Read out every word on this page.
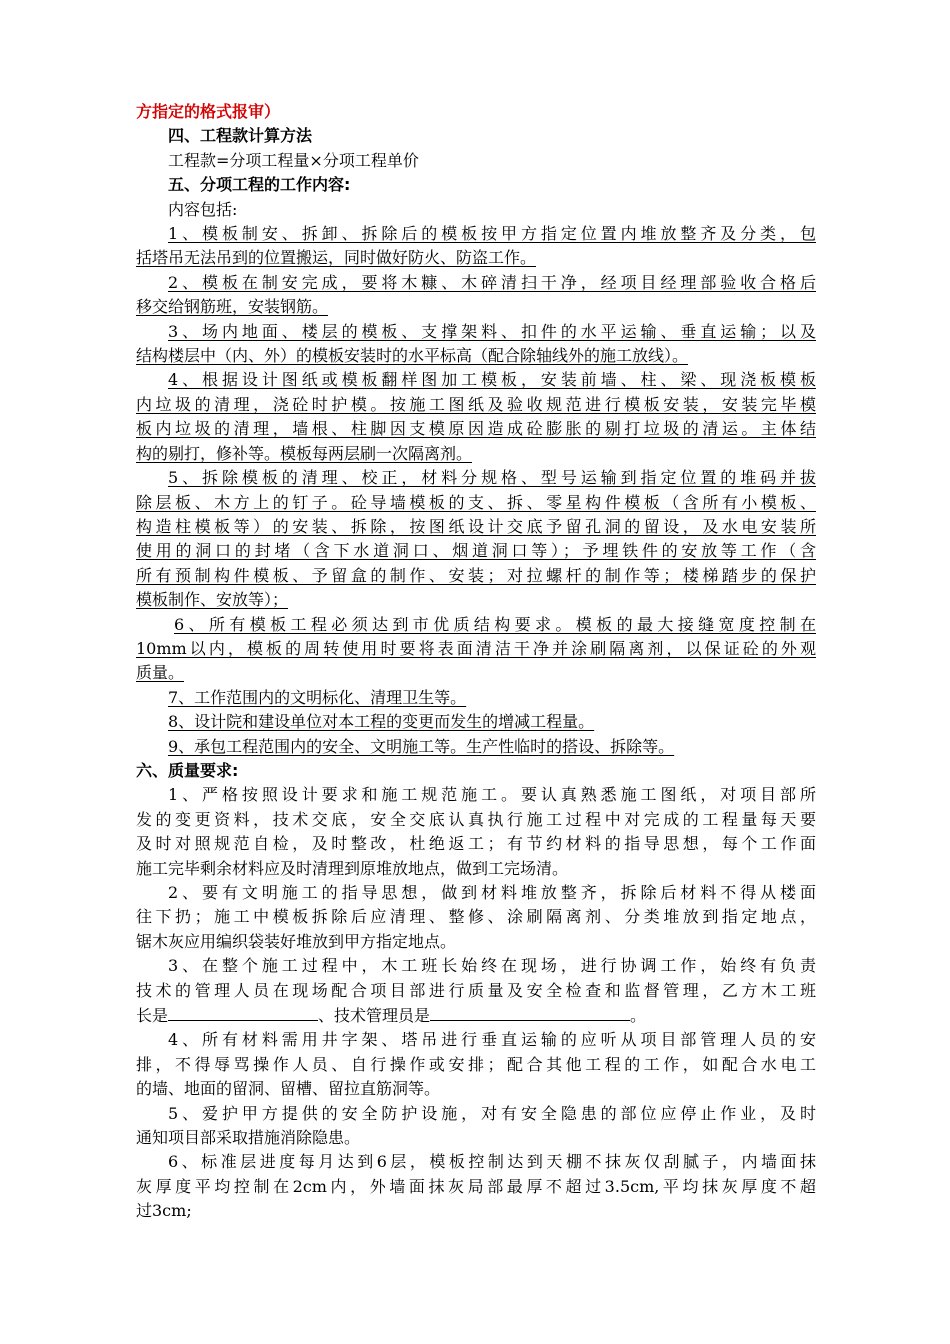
方指定的格式报审）
四、工程款计算方法
工程款=分项工程量×分项工程单价
五、分项工程的工作内容:
内容包括:
1、模板制安、拆卸、拆除后的模板按甲方指定位置内堆放整齐及分类，包
括塔吊无法吊到的位置搬运，同时做好防火、防盗工作。
2、模板在制安完成，要将木糠、木碎清扫干净，经项目经理部验收合格后
移交给钢筋班，安装钢筋。
3、场内地面、楼层的模板、支撑架料、扣件的水平运输、垂直运输；以及
结构楼层中（内、外）的模板安装时的水平标高（配合除轴线外的施工放线）。
4、根据设计图纸或模板翻样图加工模板，安装前墙、柱、梁、现浇板模板
内垃圾的清理，浇砼时护模。按施工图纸及验收规范进行模板安装，安装完毕模
板内垃圾的清理，墙根、柱脚因支模原因造成砼膨胀的剔打垃圾的清运。主体结
构的剔打，修补等。模板每两层刷一次隔离剂。
5、拆除模板的清理、校正，材料分规格、型号运输到指定位置的堆码并拔
除层板、木方上的钉子。砼导墙模板的支、拆、零星构件模板（含所有小模板、
构造柱模板等）的安装、拆除，按图纸设计交底予留孔洞的留设，及水电安装所
使用的洞口的封堵（含下水道洞口、烟道洞口等）；予埋铁件的安放等工作（含
所有预制构件模板、予留盒的制作、安装；对拉螺杆的制作等；楼梯踏步的保护
模板制作、安放等）；
6、所有模板工程必须达到市优质结构要求。模板的最大接缝宽度控制在
10mm以内，模板的周转使用时要将表面清洁干净并涂刷隔离剂，以保证砼的外观
质量。
7、工作范围内的文明标化、清理卫生等。
8、设计院和建设单位对本工程的变更而发生的增减工程量。
9、承包工程范围内的安全、文明施工等。生产性临时的搭设、拆除等。
六、质量要求:
1、严格按照设计要求和施工规范施工。要认真熟悉施工图纸，对项目部所
发的变更资料，技术交底，安全交底认真执行施工过程中对完成的工程量每天要
及时对照规范自检，及时整改，杜绝返工；有节约材料的指导思想，每个工作面
施工完毕剩余材料应及时清理到原堆放地点，做到工完场清。
2、要有文明施工的指导思想，做到材料堆放整齐，拆除后材料不得从楼面
往下扔；施工中模板拆除后应清理、整修、涂刷隔离剂、分类堆放到指定地点，
锯木灰应用编织袋装好堆放到甲方指定地点。
3、在整个施工过程中，木工班长始终在现场，进行协调工作，始终有负责
技术的管理人员在现场配合项目部进行质量及安全检查和监督管理，乙方木工班
长是	、技术管理员是	。
4、所有材料需用井字架、塔吊进行垂直运输的应听从项目部管理人员的安
排，不得辱骂操作人员、自行操作或安排；配合其他工程的工作，如配合水电工
的墙、地面的留洞、留槽、留拉直筋洞等。
5、爱护甲方提供的安全防护设施，对有安全隐患的部位应停止作业，及时
通知项目部采取措施消除隐患。
6、标准层进度每月达到6层，模板控制达到天棚不抹灰仅刮腻子，内墙面抹
灰厚度平均控制在2cm内，外墙面抹灰局部最厚不超过3.5cm,平均抹灰厚度不超
过3cm;
